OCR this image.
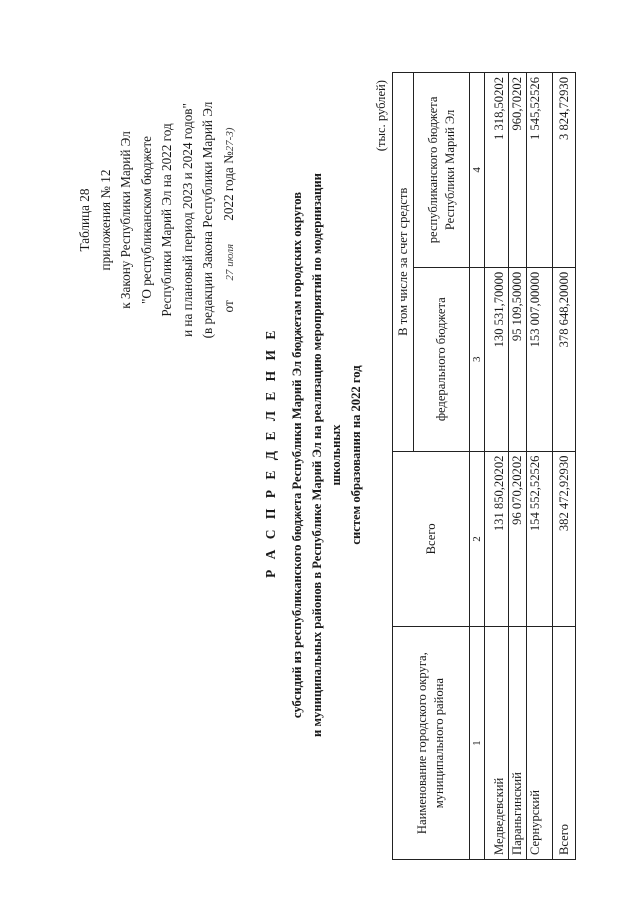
Таблица 28 приложения № 12 к Закону Республики Марий Эл "О республиканском бюджете Республики Марий Эл на 2022 год и на плановый период 2023 и 2024 годов" (в редакции Закона Республики Марий Эл от      27 июля       2022 года №27-З)
Р А С П Р Е Д Е Л Е Н И Е субсидий из республиканского бюджета Республики Марий Эл бюджетам городских округов и муниципальных районов в Республике Марий Эл на реализацию мероприятий по модернизации школьных систем образования на 2022 год
(тыс. рублей)
Наименование городского округа, муниципального района	Всего	В том числе за счет средств	
		федерального бюджета	республиканского бюджета Республики Марий Эл
1	2	3	4
Медведевский	131 850,20202	130 531,70000	1 318,50202
Параньгинский	96 070,20202	95 109,50000	960,70202
Сернурский	154 552,52526	153 007,00000	1 545,52526
Всего	382 472,92930	378 648,20000	3 824,72930
